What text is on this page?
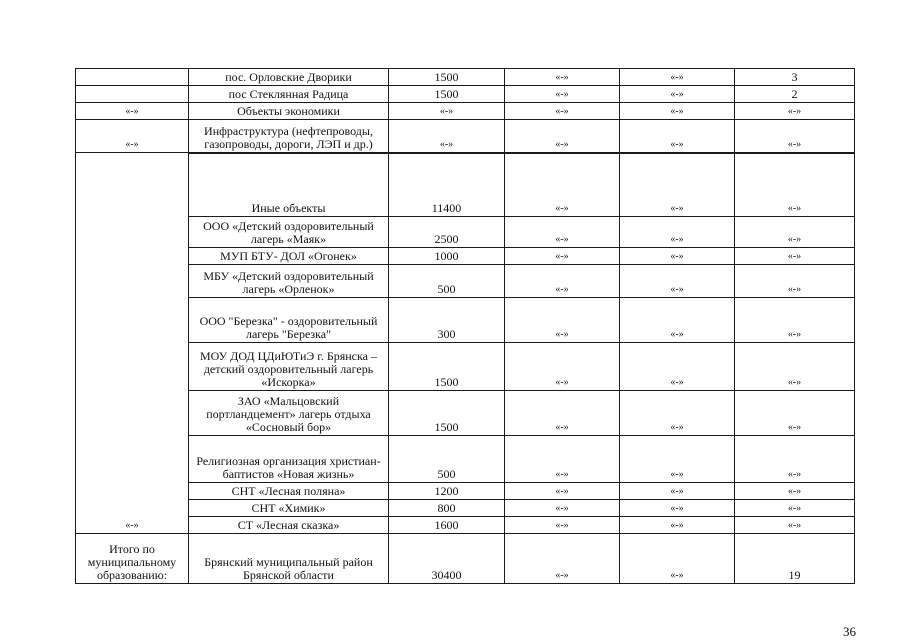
	пос. Орловские Дворики	1500	«-»	«-»	3
	пос Стеклянная Радица	1500	«-»	«-»	2
«-»	Объекты экономики	«-»	«-»	«-»	«-»
«-»	Инфраструктура (нефтепроводы, газопроводы, дороги, ЛЭП и др.)	«-»	«-»	«-»	«-»
«-»	Иные объекты	11400	«-»	«-»	«-»
	ООО «Детский оздоровительный лагерь «Маяк»	2500	«-»	«-»	«-»
	МУП БТУ- ДОЛ «Огонек»	1000	«-»	«-»	«-»
	МБУ «Детский оздоровительный лагерь «Орленок»	500	«-»	«-»	«-»
	ООО "Березка" - оздоровительный лагерь "Березка"	300	«-»	«-»	«-»
	МОУ ДОД ЦДиЮТиЭ г. Брянска – детский оздоровительный лагерь «Искорка»	1500	«-»	«-»	«-»
	ЗАО «Мальцовский портландцемент» лагерь отдыха «Сосновый бор»	1500	«-»	«-»	«-»
	Религиозная организация христиан-баптистов «Новая жизнь»	500	«-»	«-»	«-»
	СНТ «Лесная поляна»	1200	«-»	«-»	«-»
	СНТ «Химик»	800	«-»	«-»	«-»
	СТ «Лесная сказка»	1600	«-»	«-»	«-»
Итого по муниципальному образованию:	Брянский муниципальный район Брянской области	30400	«-»	«-»	19
36
